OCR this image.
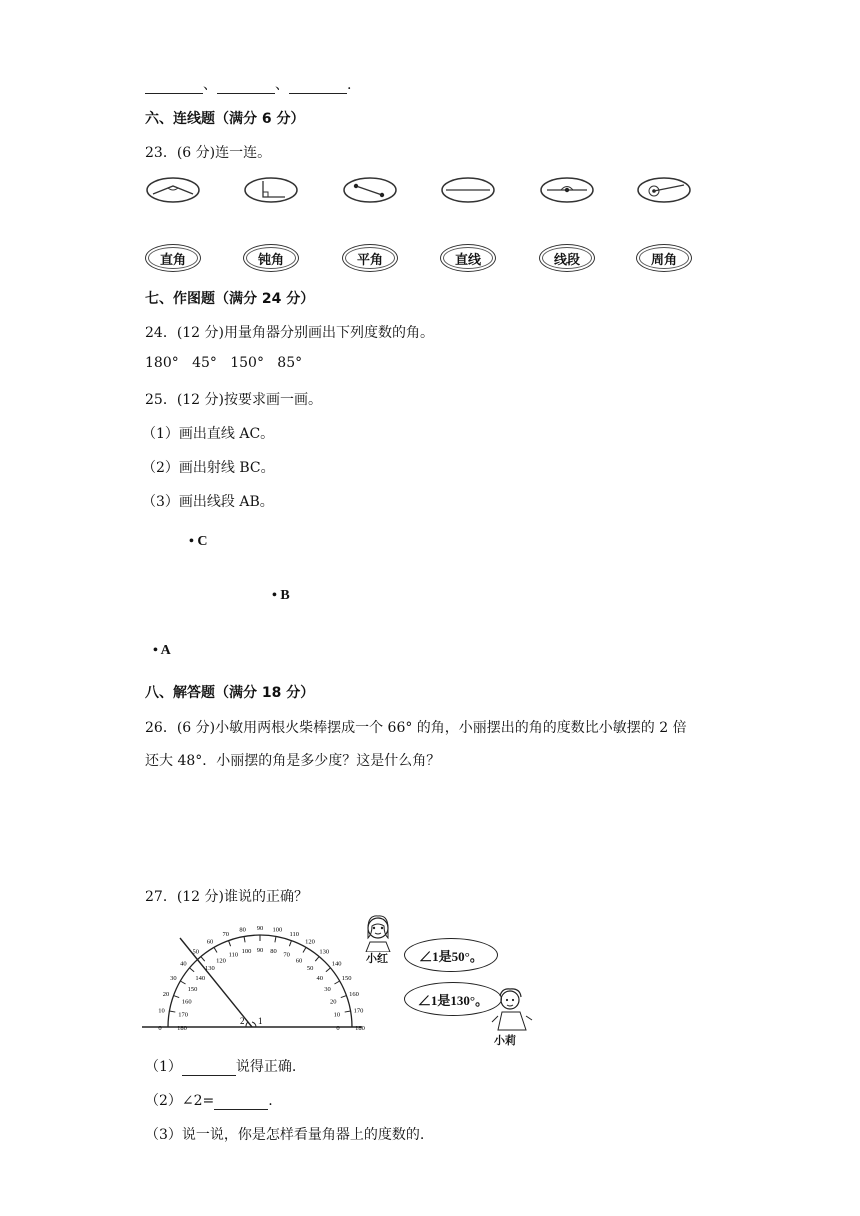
、	、	.
六、连线题（满分 6 分）
23．(6 分)连一连。
直角	钝角	平角	直线	线段	周角
七、作图题（满分 24 分）
24．(12 分)用量角器分别画出下列度数的角。
180°   45°   150°   85°
25．(12 分)按要求画一画。
（1）画出直线 AC。
（2）画出射线 BC。
（3）画出线段 AB。
• C
• B
• A
八、解答题（满分 18 分）
26．(6 分)小敏用两根火柴棒摆成一个 66° 的角，小丽摆出的角的度数比小敏摆的 2 倍
还大 48°．小丽摆的角是多少度？这是什么角？
27．(12 分)谁说的正确？
2 1
0 180
10
170
20
160
30
150
40
140
50
130
60
120
70
110
80
100
90
90
100
80
110
70
120
60
130
50
140
40	150
30
160
20
170
10
180
0
小红 ∠1是50°。
∠1是130°。
小莉
（1）	说得正确.
（2）∠2=	.
（3）说一说，你是怎样看量角器上的度数的.
